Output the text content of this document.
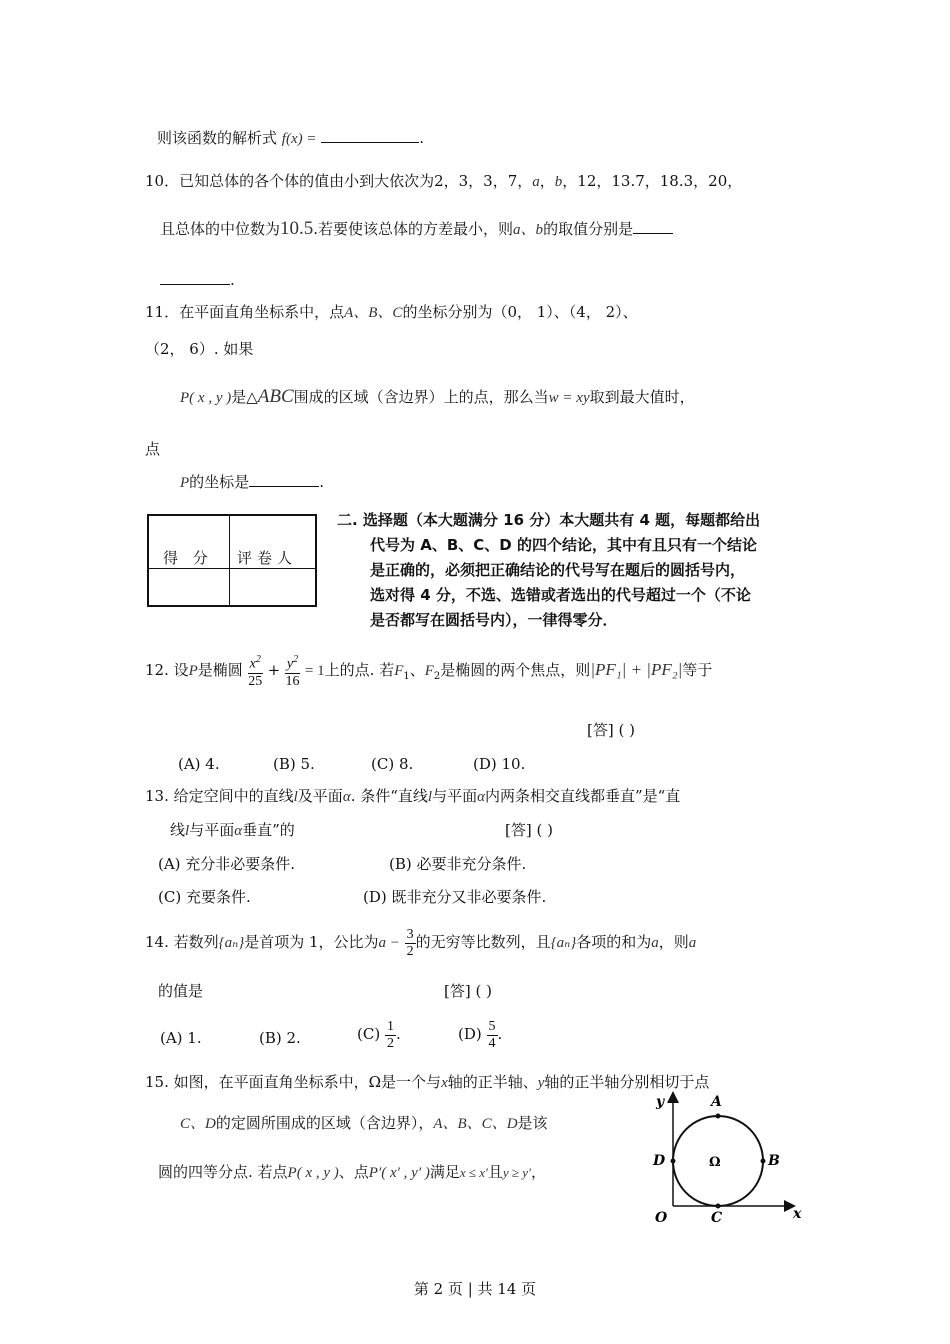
则该函数的解析式 f(x) =	.
10．已知总体的各个体的值由小到大依次为2，3，3，7，a，b，12，13.7，18.3，20，
且总体的中位数为10.5.若要使该总体的方差最小，则a、b的取值分别是
.
11．在平面直角坐标系中，点A、B、C的坐标分别为（0， 1）、（4， 2）、
（2， 6）. 如果
P( x , y )是△ABC围成的区域（含边界）上的点，那么当w = xy取到最大值时，
点
P的坐标是	.
得 分 评卷人
二. 选择题（本大题满分 16 分）本大题共有 4 题，每题都给出
代号为 A、B、C、D 的四个结论，其中有且只有一个结论
是正确的，必须把正确结论的代号写在题后的圆括号内，
选对得 4 分，不选、选错或者选出的代号超过一个（不论
是否都写在圆括号内），一律得零分．
12. 设P是椭圆 $\frac{x^2}{25} + \frac{y^2}{16} = 1$上的点. 若$F_1$、$F_2$是椭圆的两个焦点，则|PF₁| + |PF₂|等于
[答] ( )
(A) 4.	(B) 5.	(C) 8.	(D) 10.
13. 给定空间中的直线l及平面α. 条件“直线l与平面α内两条相交直线都垂直”是“直
线l与平面α垂直”的	[答] ( )
(A) 充分非必要条件.	(B) 必要非充分条件.
(C) 充要条件.	(D) 既非充分又非必要条件.
14. 若数列{aₙ}是首项为 1，公比为$a - \frac{3}{2}$ 的无穷等比数列，且{aₙ}各项的和为a，则a
的值是	[答] ( )
(A) 1.	(B) 2.	$(C) \frac{1}{2}$ .	$(D) \frac{5}{4}$ .
15. 如图，在平面直角坐标系中，Ω是一个与x轴的正半轴、y轴的正半轴分别相切于点
C、D的定圆所围成的区域（含边界），A、B、C、D是该
圆的四等分点. 若点P( x , y )、点P′( x′ , y′ )满足x ≤ x′且y ≥ y′，
A
B
C
D
O	x
y
Ω
第 2 页 | 共 14 页
